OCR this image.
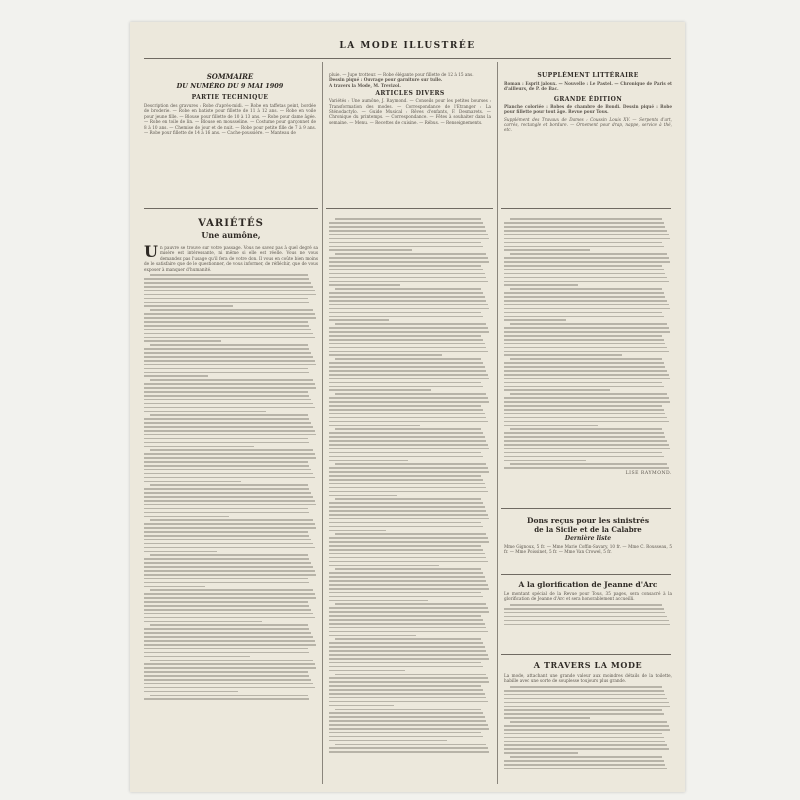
LA MODE ILLUSTRÉE
SOMMAIRE
DU NUMÉRO DU 9 MAI 1909
PARTIE TECHNIQUE
Description des gravures : Robe d'après-midi. — Robe en taffetas peint, bordée de broderie. — Robe en batiste pour fillette de 11 à 12 ans. — Robe en voile pour jeune fille. — Blouse pour fillette de 10 à 13 ans. — Robe pour dame âgée. — Robe en toile de lin. — Blouse en mousseline. — Costume pour garçonnet de 8 à 10 ans. — Chemise de jour et de nuit. — Robe pour petite fille de 7 à 9 ans. — Robe pour fillette de 14 à 16 ans. — Cache-poussière. — Manteau de
pluie. — Jupe trotteur. — Robe élégante pour fillette de 12 à 15 ans.
Dessin piqué : Ouvrage pour garniture sur tulle.
A travers la Mode, M. Trevizol.
ARTICLES DIVERS
Variétés : Une aumône, J. Raymond. — Conseils pour les petites bourses : Transformation des modes. — Correspondance de l'Etranger : La Sténodactylo. — Guide Musical : Rêves d'enfants, F. Desmarets. — Chronique du printemps. — Correspondance. — Fêtes à souhaiter dans la semaine. — Menu. — Recettes de cuisine. — Rébus. — Renseignements.
SUPPLÉMENT LITTÉRAIRE
Roman : Esprit jaloux. — Nouvelle : Le Pastel. — Chronique de Paris et d'ailleurs, de P. de Bac.
GRANDE ÉDITION
Planche coloriée : Robes de chambre de Bondi. Dessin piqué : Robe pour fillette pour tout âge. Revue pour Tous.
Supplément des Travaux de Dames : Coussin Louis XV. — Serpents d'art, carrés, rectangle et bordure. — Ornement pour drap, nappe, service à thé, etc.
VARIÉTÉS
Une aumône,
Un pauvre se trouve sur votre passage. Vous ne savez pas à quel degré sa misère est intéressante, ni même si elle est réelle. Vous ne vous demandez pas l'usage qu'il fera de votre don. Il vous en coûte bien moins de le satisfaire que de le questionner, de vous informer, de réfléchir, que de vous exposer à manquer d'humanité.
LISE RAYMOND.
Dons reçus pour les sinistrés
de la Sicile et de la Calabre
Dernière liste
Mme Gignoux, 5 fr. — Mme Marie Coffin-Savary, 10 fr. — Mme C. Rousseau, 5 fr. — Mme Poissinet, 5 fr. — Mme Van Crowel, 5 fr.
A la glorification de Jeanne d'Arc
Le montant spécial de la Revue pour Tous, 35 pages, sera consacré à la glorification de Jeanne d'Arc et sera honorablement accueilli.
A TRAVERS LA MODE
La mode, attachant une grande valeur aux moindres détails de la toilette, habille avec une sorte de souplesse toujours plus grande.
